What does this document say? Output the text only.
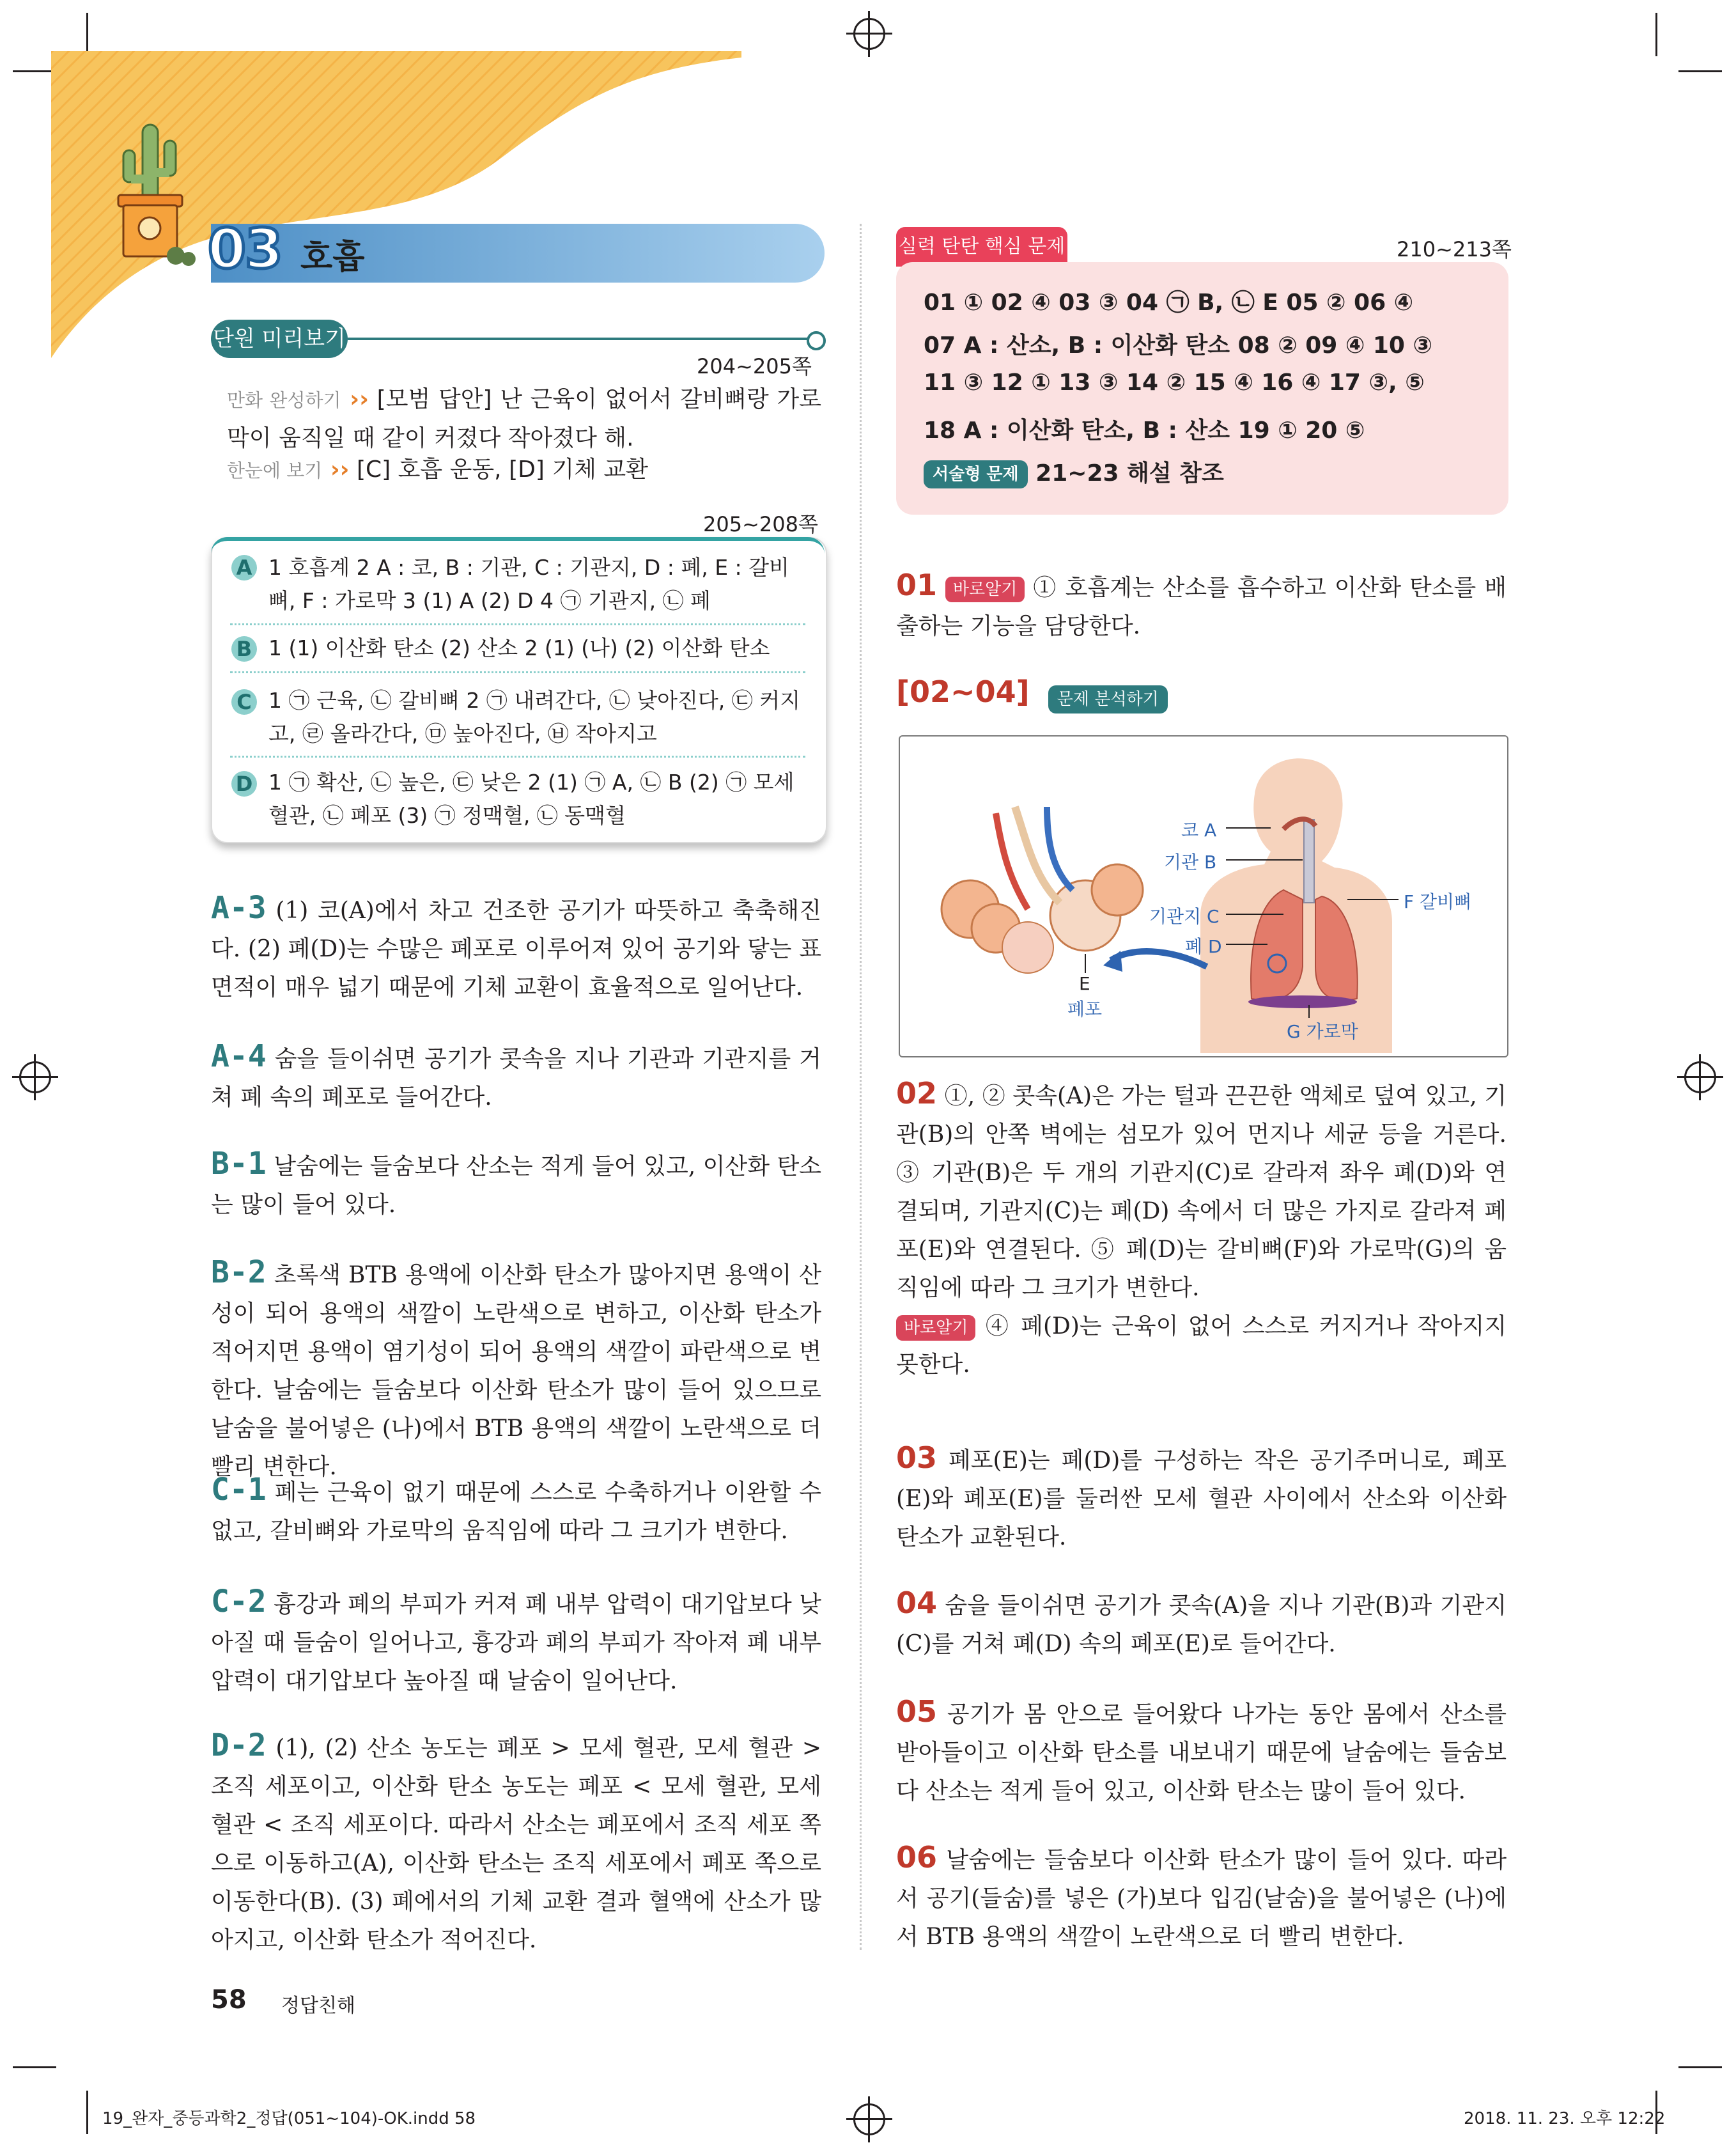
03 호흡
단원 미리보기
204~205쪽
만화 완성하기 ›› [모범 답안] 난 근육이 없어서 갈비뼈랑 가로막이 움직일 때 같이 커졌다 작아졌다 해.
한눈에 보기 ›› [C] 호흡 운동, [D] 기체 교환
205~208쪽
A 1 호흡계 2 A : 코, B : 기관, C : 기관지, D : 폐, E : 갈비뼈, F : 가로막 3 (1) A (2) D 4 ㉠ 기관지, ㉡ 폐
B 1 (1) 이산화 탄소 (2) 산소 2 (1) (나) (2) 이산화 탄소
C 1 ㉠ 근육, ㉡ 갈비뼈 2 ㉠ 내려간다, ㉡ 낮아진다, ㉢ 커지고, ㉣ 올라간다, ㉤ 높아진다, ㉥ 작아지고
D 1 ㉠ 확산, ㉡ 높은, ㉢ 낮은 2 (1) ㉠ A, ㉡ B (2) ㉠ 모세 혈관, ㉡ 폐포 (3) ㉠ 정맥혈, ㉡ 동맥혈
A-3 (1) 코(A)에서 차고 건조한 공기가 따뜻하고 축축해진다. (2) 폐(D)는 수많은 폐포로 이루어져 있어 공기와 닿는 표면적이 매우 넓기 때문에 기체 교환이 효율적으로 일어난다.
A-4 숨을 들이쉬면 공기가 콧속을 지나 기관과 기관지를 거쳐 폐 속의 폐포로 들어간다.
B-1 날숨에는 들숨보다 산소는 적게 들어 있고, 이산화 탄소는 많이 들어 있다.
B-2 초록색 BTB 용액에 이산화 탄소가 많아지면 용액이 산성이 되어 용액의 색깔이 노란색으로 변하고, 이산화 탄소가 적어지면 용액이 염기성이 되어 용액의 색깔이 파란색으로 변한다. 날숨에는 들숨보다 이산화 탄소가 많이 들어 있으므로 날숨을 불어넣은 (나)에서 BTB 용액의 색깔이 노란색으로 더 빨리 변한다.
C-1 폐는 근육이 없기 때문에 스스로 수축하거나 이완할 수 없고, 갈비뼈와 가로막의 움직임에 따라 그 크기가 변한다.
C-2 흉강과 폐의 부피가 커져 폐 내부 압력이 대기압보다 낮아질 때 들숨이 일어나고, 흉강과 폐의 부피가 작아져 폐 내부 압력이 대기압보다 높아질 때 날숨이 일어난다.
D-2 (1), (2) 산소 농도는 폐포 > 모세 혈관, 모세 혈관 > 조직 세포이고, 이산화 탄소 농도는 폐포 < 모세 혈관, 모세 혈관 < 조직 세포이다. 따라서 산소는 폐포에서 조직 세포 쪽으로 이동하고(A), 이산화 탄소는 조직 세포에서 폐포 쪽으로 이동한다(B). (3) 폐에서의 기체 교환 결과 혈액에 산소가 많아지고, 이산화 탄소가 적어진다.
실력 탄탄 핵심 문제	210~213쪽
01 ① 02 ④ 03 ③ 04 ㉠ B, ㉡ E 05 ② 06 ④
07 A : 산소, B : 이산화 탄소 08 ② 09 ④ 10 ③
11 ③ 12 ① 13 ③ 14 ② 15 ④ 16 ④ 17 ③, ⑤
18 A : 이산화 탄소, B : 산소 19 ① 20 ⑤
서술형 문제 21~23 해설 참조
01 바로알기 ① 호흡계는 산소를 흡수하고 이산화 탄소를 배출하는 기능을 담당한다.
[02~04] 문제 분석하기
코 A
기관 B
기관지 C
폐 D
E
폐포
F 갈비뼈
G 가로막
02 ①, ② 콧속(A)은 가는 털과 끈끈한 액체로 덮여 있고, 기관(B)의 안쪽 벽에는 섬모가 있어 먼지나 세균 등을 거른다. ③ 기관(B)은 두 개의 기관지(C)로 갈라져 좌우 폐(D)와 연결되며, 기관지(C)는 폐(D) 속에서 더 많은 가지로 갈라져 폐포(E)와 연결된다. ⑤ 폐(D)는 갈비뼈(F)와 가로막(G)의 움직임에 따라 그 크기가 변한다.
바로알기 ④ 폐(D)는 근육이 없어 스스로 커지거나 작아지지 못한다.
03 폐포(E)는 폐(D)를 구성하는 작은 공기주머니로, 폐포(E)와 폐포(E)를 둘러싼 모세 혈관 사이에서 산소와 이산화 탄소가 교환된다.
04 숨을 들이쉬면 공기가 콧속(A)을 지나 기관(B)과 기관지(C)를 거쳐 폐(D) 속의 폐포(E)로 들어간다.
05 공기가 몸 안으로 들어왔다 나가는 동안 몸에서 산소를 받아들이고 이산화 탄소를 내보내기 때문에 날숨에는 들숨보다 산소는 적게 들어 있고, 이산화 탄소는 많이 들어 있다.
06 날숨에는 들숨보다 이산화 탄소가 많이 들어 있다. 따라서 공기(들숨)를 넣은 (가)보다 입김(날숨)을 불어넣은 (나)에서 BTB 용액의 색깔이 노란색으로 더 빨리 변한다.
58 정답친해
19_완자_중등과학2_정답(051~104)-OK.indd 58	2018. 11. 23. 오후 12:22
